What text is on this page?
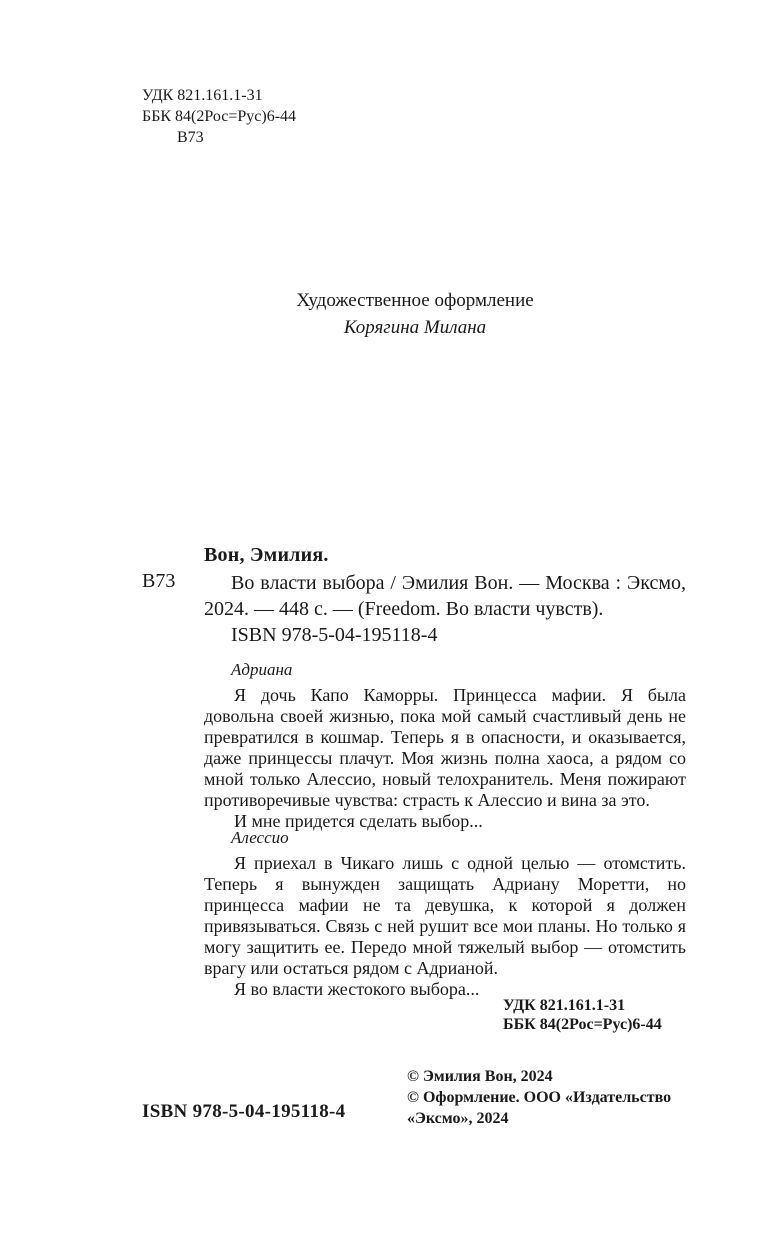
УДК 821.161.1-31
ББК 84(2Рос=Рус)6-44
В73
Художественное оформление
Корягина Милана
Вон, Эмилия.
В73	Во власти выбора / Эмилия Вон. — Москва : Эксмо, 2024. — 448 с. — (Freedom. Во власти чувств).
ISBN 978-5-04-195118-4
Адриана

Я дочь Капо Каморры. Принцесса мафии. Я была довольна своей жизнью, пока мой самый счастливый день не превратился в кошмар. Теперь я в опасности, и оказывается, даже принцессы плачут. Моя жизнь полна хаоса, а рядом со мной только Алессио, новый телохранитель. Меня пожирают противоречивые чувства: страсть к Алессио и вина за это.

И мне придется сделать выбор...

Алессио

Я приехал в Чикаго лишь с одной целью — отомстить. Теперь я вынужден защищать Адриану Моретти, но принцесса мафии не та девушка, к которой я должен привязываться. Связь с ней рушит все мои планы. Но только я могу защитить ее. Передо мной тяжелый выбор — отомстить врагу или остаться рядом с Адрианой.

Я во власти жестокого выбора...

УДК 821.161.1-31
ББК 84(2Рос=Рус)6-44
ISBN 978-5-04-195118-4
© Эмилия Вон, 2024
© Оформление. ООО «Издательство «Эксмо», 2024
